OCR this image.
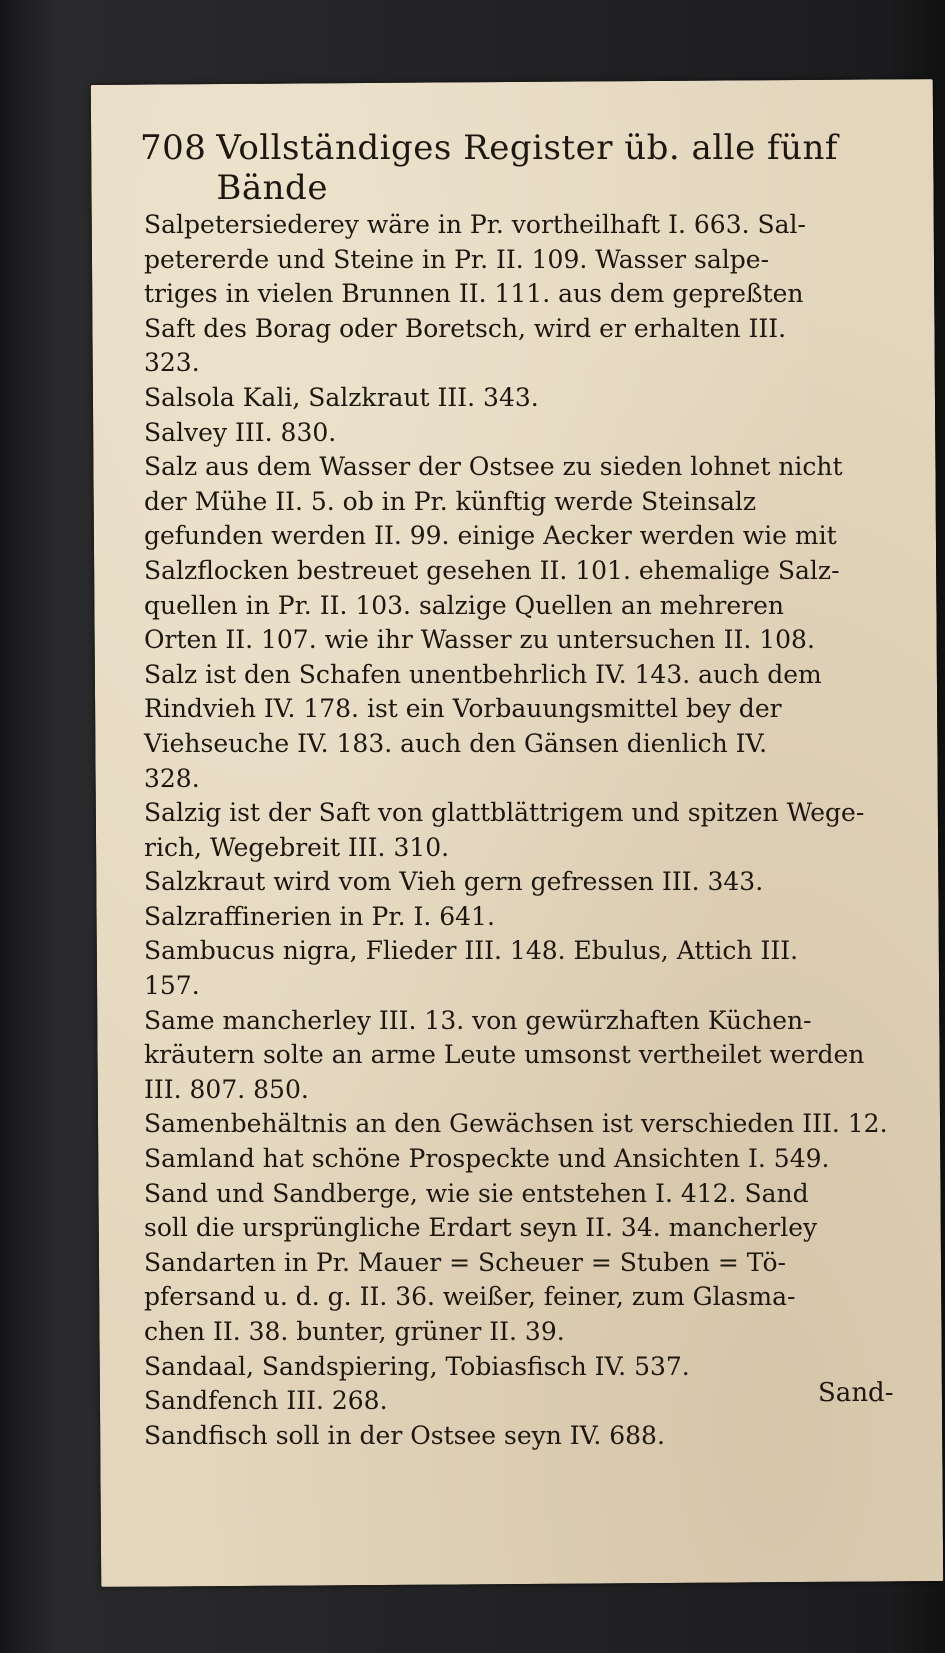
708 Vollständiges Register üb. alle fünf Bände

Salpetersiederey wäre in Pr. vortheilhaft I. 663. Sal-
petererde und Steine in Pr. II. 109. Wasser salpe-
triges in vielen Brunnen II. 111. aus dem gepreßten
Saft des Borag oder Boretsch, wird er erhalten III.
323.

Salsola Kali, Salzkraut III. 343.

Salvey III. 830.

Salz aus dem Wasser der Ostsee zu sieden lohnet nicht
der Mühe II. 5. ob in Pr. künftig werde Steinsalz
gefunden werden II. 99. einige Aecker werden wie mit
Salzflocken bestreuet gesehen II. 101. ehemalige Salz-
quellen in Pr. II. 103. salzige Quellen an mehreren
Orten II. 107. wie ihr Wasser zu untersuchen II. 108.
Salz ist den Schafen unentbehrlich IV. 143. auch dem
Rindvieh IV. 178. ist ein Vorbauungsmittel bey der
Viehseuche IV. 183. auch den Gänsen dienlich IV.
328.

Salzig ist der Saft von glattblättrigem und spitzen Wege-
rich, Wegebreit III. 310.

Salzkraut wird vom Vieh gern gefressen III. 343.

Salzraffinerien in Pr. I. 641.

Sambucus nigra, Flieder III. 148. Ebulus, Attich III.
157.

Same mancherley III. 13. von gewürzhaften Küchen-
kräutern solte an arme Leute umsonst vertheilet werden
III. 807. 850.

Samenbehältnis an den Gewächsen ist verschieden III. 12.

Samland hat schöne Prospeckte und Ansichten I. 549.

Sand und Sandberge, wie sie entstehen I. 412. Sand
soll die ursprüngliche Erdart seyn II. 34. mancherley
Sandarten in Pr. Mauer = Scheuer = Stuben = Tö-
pfersand u. d. g. II. 36. weißer, feiner, zum Glasma-
chen II. 38. bunter, grüner II. 39.

Sandaal, Sandspiering, Tobiasfisch IV. 537.

Sandfench III. 268.

Sandfisch soll in der Ostsee seyn IV. 688.

Sand-
